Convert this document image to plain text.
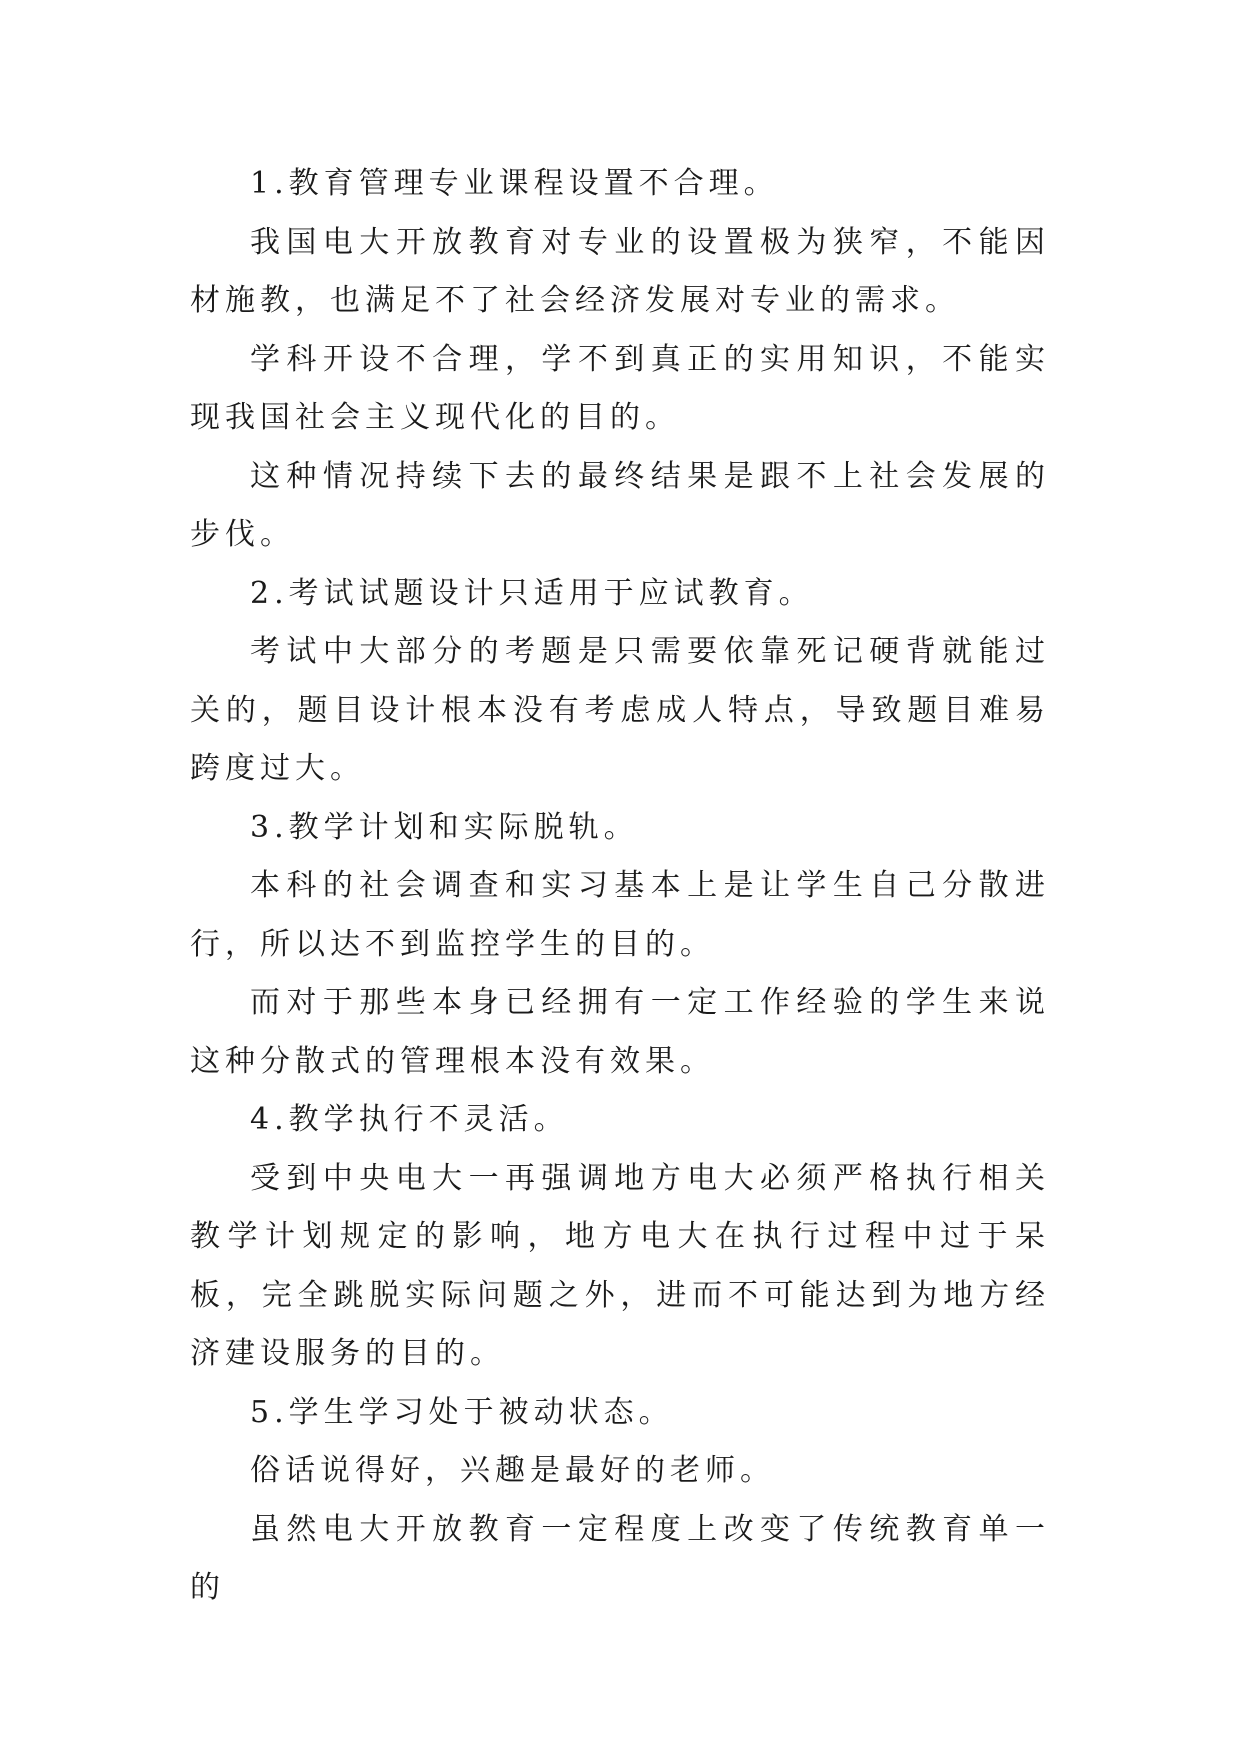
1.教育管理专业课程设置不合理。

我国电大开放教育对专业的设置极为狭窄，不能因材施教，也满足不了社会经济发展对专业的需求。

学科开设不合理，学不到真正的实用知识，不能实现我国社会主义现代化的目的。

这种情况持续下去的最终结果是跟不上社会发展的步伐。

2.考试试题设计只适用于应试教育。

考试中大部分的考题是只需要依靠死记硬背就能过关的，题目设计根本没有考虑成人特点，导致题目难易跨度过大。

3.教学计划和实际脱轨。

本科的社会调查和实习基本上是让学生自己分散进行，所以达不到监控学生的目的。

而对于那些本身已经拥有一定工作经验的学生来说这种分散式的管理根本没有效果。

4.教学执行不灵活。

受到中央电大一再强调地方电大必须严格执行相关教学计划规定的影响，地方电大在执行过程中过于呆板，完全跳脱实际问题之外，进而不可能达到为地方经济建设服务的目的。

5.学生学习处于被动状态。

俗话说得好，兴趣是最好的老师。

虽然电大开放教育一定程度上改变了传统教育单一的
